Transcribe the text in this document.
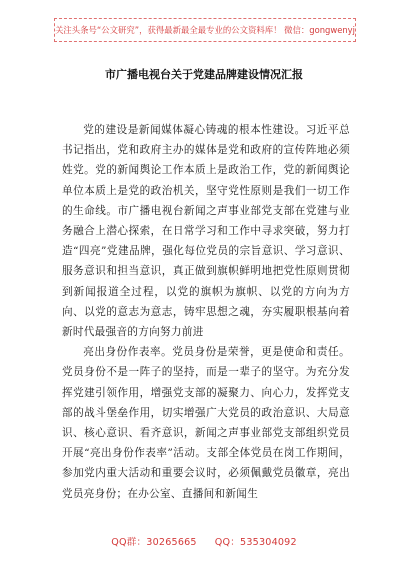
关注头条号“公文研究”，获得最新最全最专业的公文资料库！ 微信：gongwenyj
市广播电视台关于党建品牌建设情况汇报

党的建设是新闻媒体凝心铸魂的根本性建设。习近平总书记指出，党和政府主办的媒体是党和政府的宣传阵地必须姓党。党的新闻舆论工作本质上是政治工作，党的新闻舆论单位本质上是党的政治机关，坚守党性原则是我们一切工作的生命线。市广播电视台新闻之声事业部党支部在党建与业务融合上潜心探索，在日常学习和工作中寻求突破，努力打造“四亮”党建品牌，强化每位党员的宗旨意识、学习意识、服务意识和担当意识，真正做到旗帜鲜明地把党性原则贯彻到新闻报道全过程，以党的旗帜为旗帜、以党的方向为方向、以党的意志为意志，铸牢思想之魂，夯实履职根基向着新时代最强音的方向努力前进

亮出身份作表率。党员身份是荣誉，更是使命和责任。党员身份不是一阵子的坚持，而是一辈子的坚守。为充分发挥党建引领作用，增强党支部的凝聚力、向心力，发挥党支部的战斗堡垒作用，切实增强广大党员的政治意识、大局意识、核心意识、看齐意识，新闻之声事业部党支部组织党员开展“亮出身份作表率”活动。支部全体党员在岗工作期间，参加党内重大活动和重要会议时，必须佩戴党员徽章，亮出党员亮身份；在办公室、直播间和新闻生

QQ群：30265665 QQ：535304092
